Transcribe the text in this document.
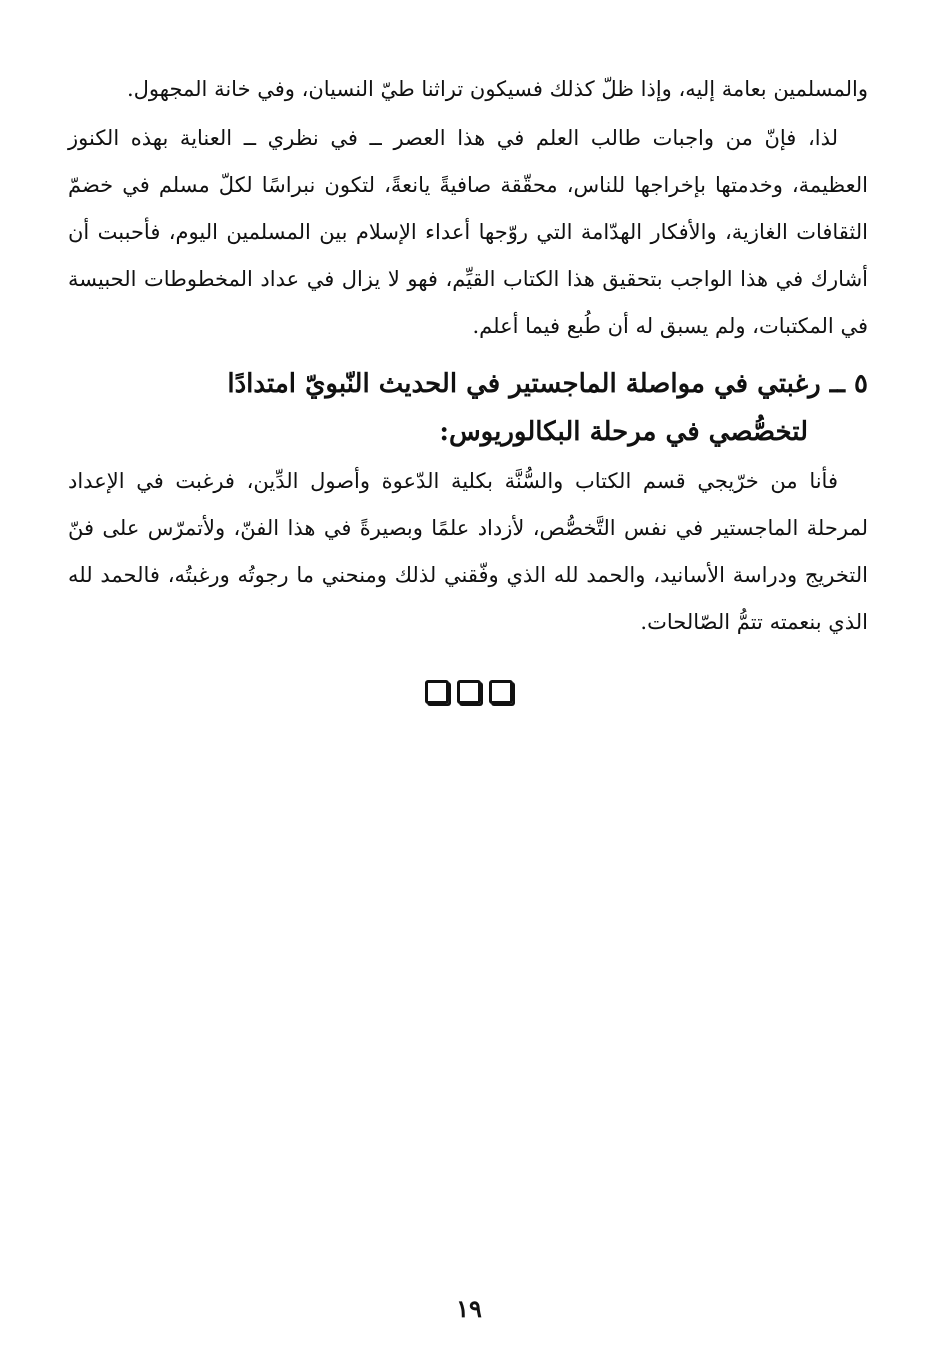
والمسلمين بعامة إليه، وإذا ظلّ كذلك فسيكون تراثنا طيّ النسيان، وفي خانة المجهول.

لذا، فإنّ من واجبات طالب العلم في هذا العصر ــ في نظري ــ العناية بهذه الكنوز العظيمة، وخدمتها بإخراجها للناس، محقّقة صافيةً يانعةً، لتكون نبراسًا لكلّ مسلم في خضمّ الثقافات الغازية، والأفكار الهدّامة التي روّجها أعداء الإسلام بين المسلمين اليوم، فأحببت أن أشارك في هذا الواجب بتحقيق هذا الكتاب القيِّم، فهو لا يزال في عداد المخطوطات الحبيسة في المكتبات، ولم يسبق له أن طُبع فيما أعلم.

٥ ــ رغبتي في مواصلة الماجستير في الحديث النّبويّ امتدادًا
لتخصُّصي في مرحلة البكالوريوس:

فأنا من خرّيجي قسم الكتاب والسُّنَّة بكلية الدّعوة وأصول الدِّين، فرغبت في الإعداد لمرحلة الماجستير في نفس التَّخصُّص، لأزداد علمًا وبصيرةً في هذا الفنّ، ولأتمرّس على فنّ التخريج ودراسة الأسانيد، والحمد لله الذي وفّقني لذلك ومنحني ما رجوتُه ورغبتُه، فالحمد لله الذي بنعمته تتمُّ الصّالحات.

١٩
